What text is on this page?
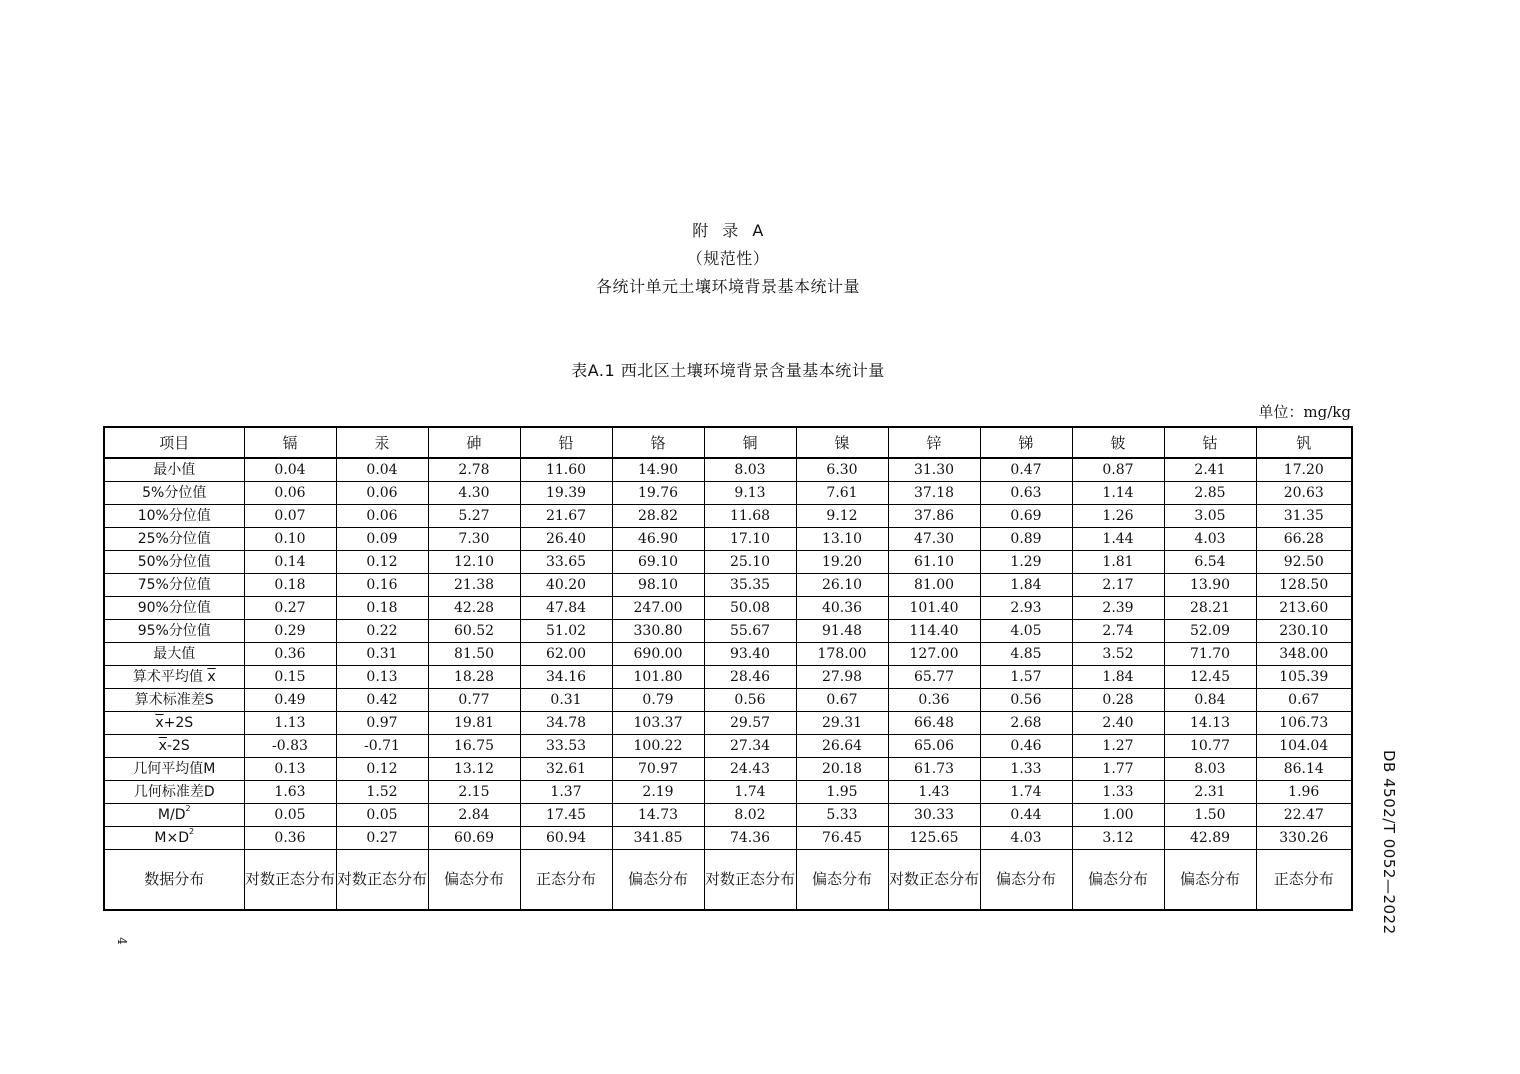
附 录 A
（规范性）
各统计单元土壤环境背景基本统计量
表A.1 西北区土壤环境背景含量基本统计量
单位：mg/kg
DB 4502/T 0052—2022
4
项目	镉	汞	砷	铅	铬	铜	镍	锌	锑	铍	钴	钒
最小值	0.04	0.04	2.78	11.60	14.90	8.03	6.30	31.30	0.47	0.87	2.41	17.20
5%分位值	0.06	0.06	4.30	19.39	19.76	9.13	7.61	37.18	0.63	1.14	2.85	20.63
10%分位值	0.07	0.06	5.27	21.67	28.82	11.68	9.12	37.86	0.69	1.26	3.05	31.35
25%分位值	0.10	0.09	7.30	26.40	46.90	17.10	13.10	47.30	0.89	1.44	4.03	66.28
50%分位值	0.14	0.12	12.10	33.65	69.10	25.10	19.20	61.10	1.29	1.81	6.54	92.50
75%分位值	0.18	0.16	21.38	40.20	98.10	35.35	26.10	81.00	1.84	2.17	13.90	128.50
90%分位值	0.27	0.18	42.28	47.84	247.00	50.08	40.36	101.40	2.93	2.39	28.21	213.60
95%分位值	0.29	0.22	60.52	51.02	330.80	55.67	91.48	114.40	4.05	2.74	52.09	230.10
最大值	0.36	0.31	81.50	62.00	690.00	93.40	178.00	127.00	4.85	3.52	71.70	348.00
算术平均值 $\overline{x}$	0.15	0.13	18.28	34.16	101.80	28.46	27.98	65.77	1.57	1.84	12.45	105.39
算术标准差S	0.49	0.42	0.77	0.31	0.79	0.56	0.67	0.36	0.56	0.28	0.84	0.67
$\overline{x}+2S$	1.13	0.97	19.81	34.78	103.37	29.57	29.31	66.48	2.68	2.40	14.13	106.73
$\overline{x}-2S$	-0.83	-0.71	16.75	33.53	100.22	27.34	26.64	65.06	0.46	1.27	10.77	104.04
几何平均值M	0.13	0.12	13.12	32.61	70.97	24.43	20.18	61.73	1.33	1.77	8.03	86.14
几何标准差D	1.63	1.52	2.15	1.37	2.19	1.74	1.95	1.43	1.74	1.33	2.31	1.96
$M/D^2$	0.05	0.05	2.84	17.45	14.73	8.02	5.33	30.33	0.44	1.00	1.50	22.47
$M\times D^2$	0.36	0.27	60.69	60.94	341.85	74.36	76.45	125.65	4.03	3.12	42.89	330.26
数据分布	对数正态分布	对数正态分布	偏态分布	正态分布	偏态分布	对数正态分布	偏态分布	对数正态分布	偏态分布	偏态分布	偏态分布	正态分布
